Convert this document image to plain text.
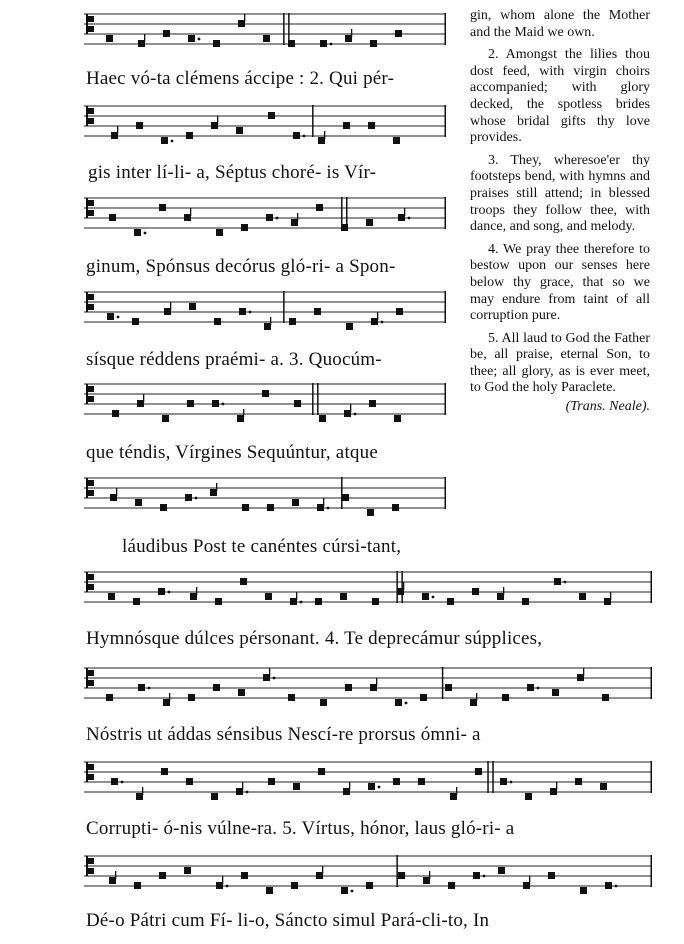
Haec vó-ta clémens áccipe : 2. Qui pér-
gis inter lí-li- a, Séptus choré- is Vír-
ginum, Spónsus decórus gló-ri- a Spon-
sísque réddens praémi- a. 3. Quocúm-
que téndis, Vírgines Sequúntur, atque
láudibus Post te canéntes cúrsi-tant,
Hymnósque dúlces pérsonant. 4. Te deprecámur súpplices,
Nóstris ut áddas sénsibus Nescí-re prorsus ómni- a
Corrupti- ó-nis vúlne-ra. 5. Vírtus, hónor, laus gló-ri- a
Dé-o Pátri cum Fí- li-o, Sáncto simul Pará-cli-to, In

gin, whom alone the Mother and the Maid we own.

2. Amongst the lilies thou dost feed, with virgin choirs accompanied; with glory decked, the spotless brides whose bridal gifts thy love provides.

3. They, wheresoe'er thy footsteps bend, with hymns and praises still attend; in blessed troops they follow thee, with dance, and song, and melody.

4. We pray thee therefore to bestow upon our senses here below thy grace, that so we may endure from taint of all corruption pure.

5. All laud to God the Father be, all praise, eternal Son, to thee; all glory, as is ever meet, to God the holy Paraclete.

(Trans. Neale).
